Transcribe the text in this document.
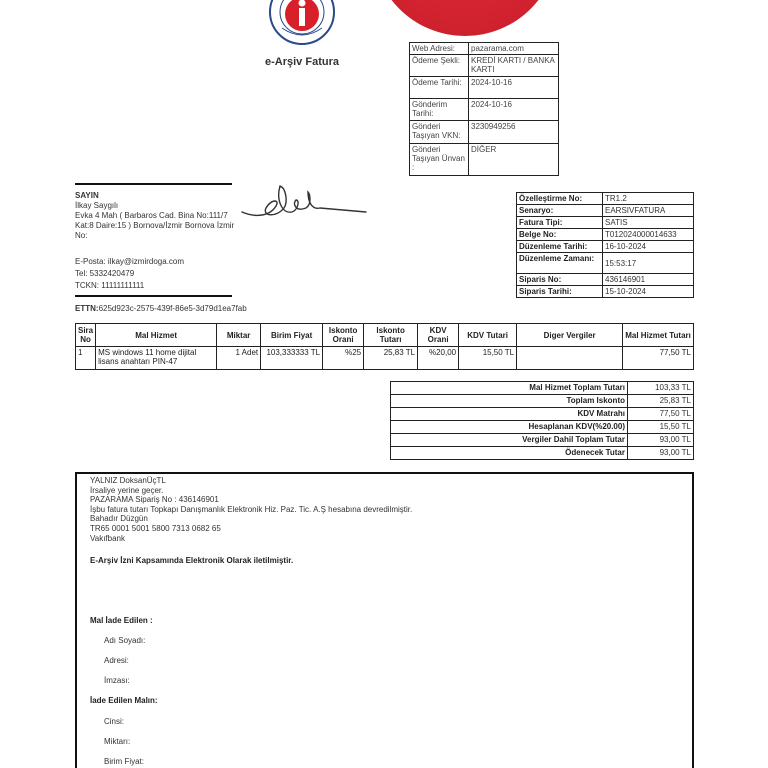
e-Arşiv Fatura
Web Adresi:	pazarama.com
Ödeme Şekli:	KREDİ KARTI / BANKA KARTI
Ödeme Tarihi:	2024-10-16
Gönderim Tarihi:	2024-10-16
Gönderi Taşıyan VKN:	3230949256
Gönderi Taşıyan Ünvan :	DİĞER
SAYIN
İlkay Saygılı
Evka 4 Mah ( Barbaros Cad. Bina No:111/7 Kat:8 Daire:15 ) Bornova/İzmir Bornova İzmir No:
E-Posta: ilkay@izmirdoga.com
Tel: 5332420479
TCKN: 11111111111
ETTN:625d923c-2575-439f-86e5-3d79d1ea7fab
Özelleştirme No:	TR1.2
Senaryo:	EARSIVFATURA
Fatura Tipi:	SATIS
Belge No:	T012024000014633
Düzenleme Tarihi:	16-10-2024
Düzenleme Zamanı:	15:53:17
Siparis No:	436146901
Siparis Tarihi:	15-10-2024
Sira No	Mal Hizmet	Miktar	Birim Fiyat	Iskonto Orani	Iskonto Tutarı	KDV Orani	KDV Tutari	Diger Vergiler	Mal Hizmet Tutarı
1	MS windows 11 home dijital lisans anahtarı PIN-47	1 Adet	103,333333 TL	%25	25,83 TL	%20,00	15,50 TL		77,50 TL
Mal Hizmet Toplam Tutarı	103,33 TL
Toplam Iskonto	25,83 TL
KDV Matrahı	77,50 TL
Hesaplanan KDV(%20.00)	15,50 TL
Vergiler Dahil Toplam Tutar	93,00 TL
Ödenecek Tutar	93,00 TL
YALNIZ DoksanÜçTL
İrsaliye yerine geçer.
PAZARAMA Sipariş No : 436146901
İşbu fatura tutarı Topkapı Danışmanlık Elektronik Hiz. Paz. Tic. A.Ş hesabına devredilmiştir.
Bahadır Düzgün
TR65 0001 5001 5800 7313 0682 65
Vakıfbank
E-Arşiv İzni Kapsamında Elektronik Olarak iletilmiştir.
Mal İade Edilen :
Adı Soyadı:
Adresi:
İmzası:
İade Edilen Malın:
Cinsi:
Miktarı:
Birim Fiyat:
